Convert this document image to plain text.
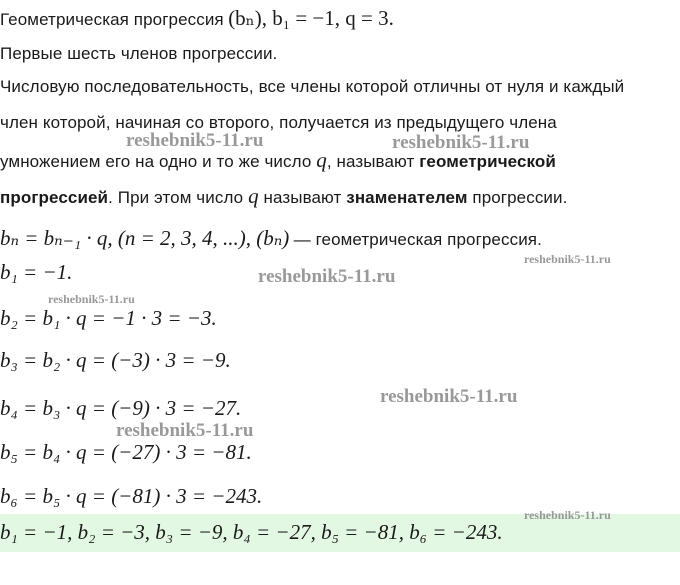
Геометрическая прогрессия (bₙ), b₁ = −1, q = 3.
Первые шесть членов прогрессии.
Числовую последовательность, все члены которой отличны от нуля и каждый
член которой, начиная со второго, получается из предыдущего члена
умножением его на одно и то же число q, называют геометрической
прогрессией. При этом число q называют знаменателем прогрессии.
bₙ = bₙ₋₁ · q, (n = 2, 3, 4, ...), (bₙ) — геометрическая прогрессия.
b₁ = −1.
b₂ = b₁ · q = −1 · 3 = −3.
b₃ = b₂ · q = (−3) · 3 = −9.
b₄ = b₃ · q = (−9) · 3 = −27.
b₅ = b₄ · q = (−27) · 3 = −81.
b₆ = b₅ · q = (−81) · 3 = −243.
b₁ = −1, b₂ = −3, b₃ = −9, b₄ = −27, b₅ = −81, b₆ = −243.
reshebnik5-11.ru	reshebnik5-11.ru
reshebnik5-11.ru
reshebnik5-11.ru
reshebnik5-11.ru
reshebnik5-11.ru
reshebnik5-11.ru
reshebnik5-11.ru
